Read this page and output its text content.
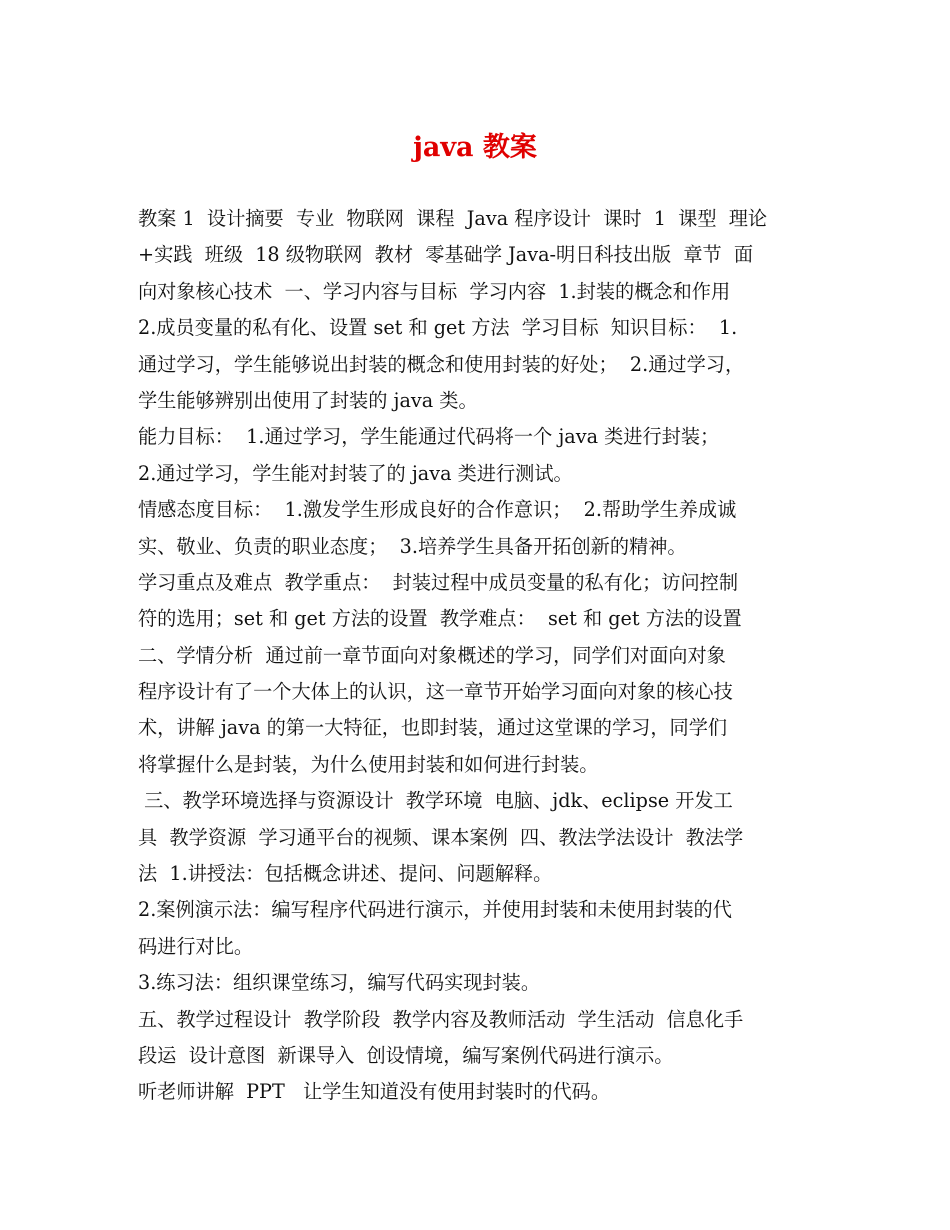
java 教案

教案 1  设计摘要  专业  物联网  课程  Java 程序设计  课时  1  课型  理论

+实践  班级  18 级物联网  教材  零基础学 Java-明日科技出版  章节  面

向对象核心技术  一、学习内容与目标  学习内容  1.封装的概念和作用

2.成员变量的私有化、设置 set 和 get 方法  学习目标  知识目标：  1.

通过学习，学生能够说出封装的概念和使用封装的好处；  2.通过学习，

学生能够辨别出使用了封装的 java 类。

能力目标：  1.通过学习，学生能通过代码将一个 java 类进行封装；

2.通过学习，学生能对封装了的 java 类进行测试。

情感态度目标：  1.激发学生形成良好的合作意识；  2.帮助学生养成诚

实、敬业、负责的职业态度；  3.培养学生具备开拓创新的精神。

学习重点及难点  教学重点：  封装过程中成员变量的私有化；访问控制

符的选用；set 和 get 方法的设置  教学难点：  set 和 get 方法的设置

二、学情分析  通过前一章节面向对象概述的学习，同学们对面向对象

程序设计有了一个大体上的认识，这一章节开始学习面向对象的核心技

术，讲解 java 的第一大特征，也即封装，通过这堂课的学习，同学们

将掌握什么是封装，为什么使用封装和如何进行封装。

三、教学环境选择与资源设计  教学环境  电脑、jdk、eclipse 开发工

具  教学资源  学习通平台的视频、课本案例  四、教法学法设计  教法学

法  1.讲授法：包括概念讲述、提问、问题解释。

2.案例演示法：编写程序代码进行演示，并使用封装和未使用封装的代

码进行对比。

3.练习法：组织课堂练习，编写代码实现封装。

五、教学过程设计  教学阶段  教学内容及教师活动  学生活动  信息化手

段运  设计意图  新课导入  创设情境，编写案例代码进行演示。

听老师讲解  PPT   让学生知道没有使用封装时的代码。
